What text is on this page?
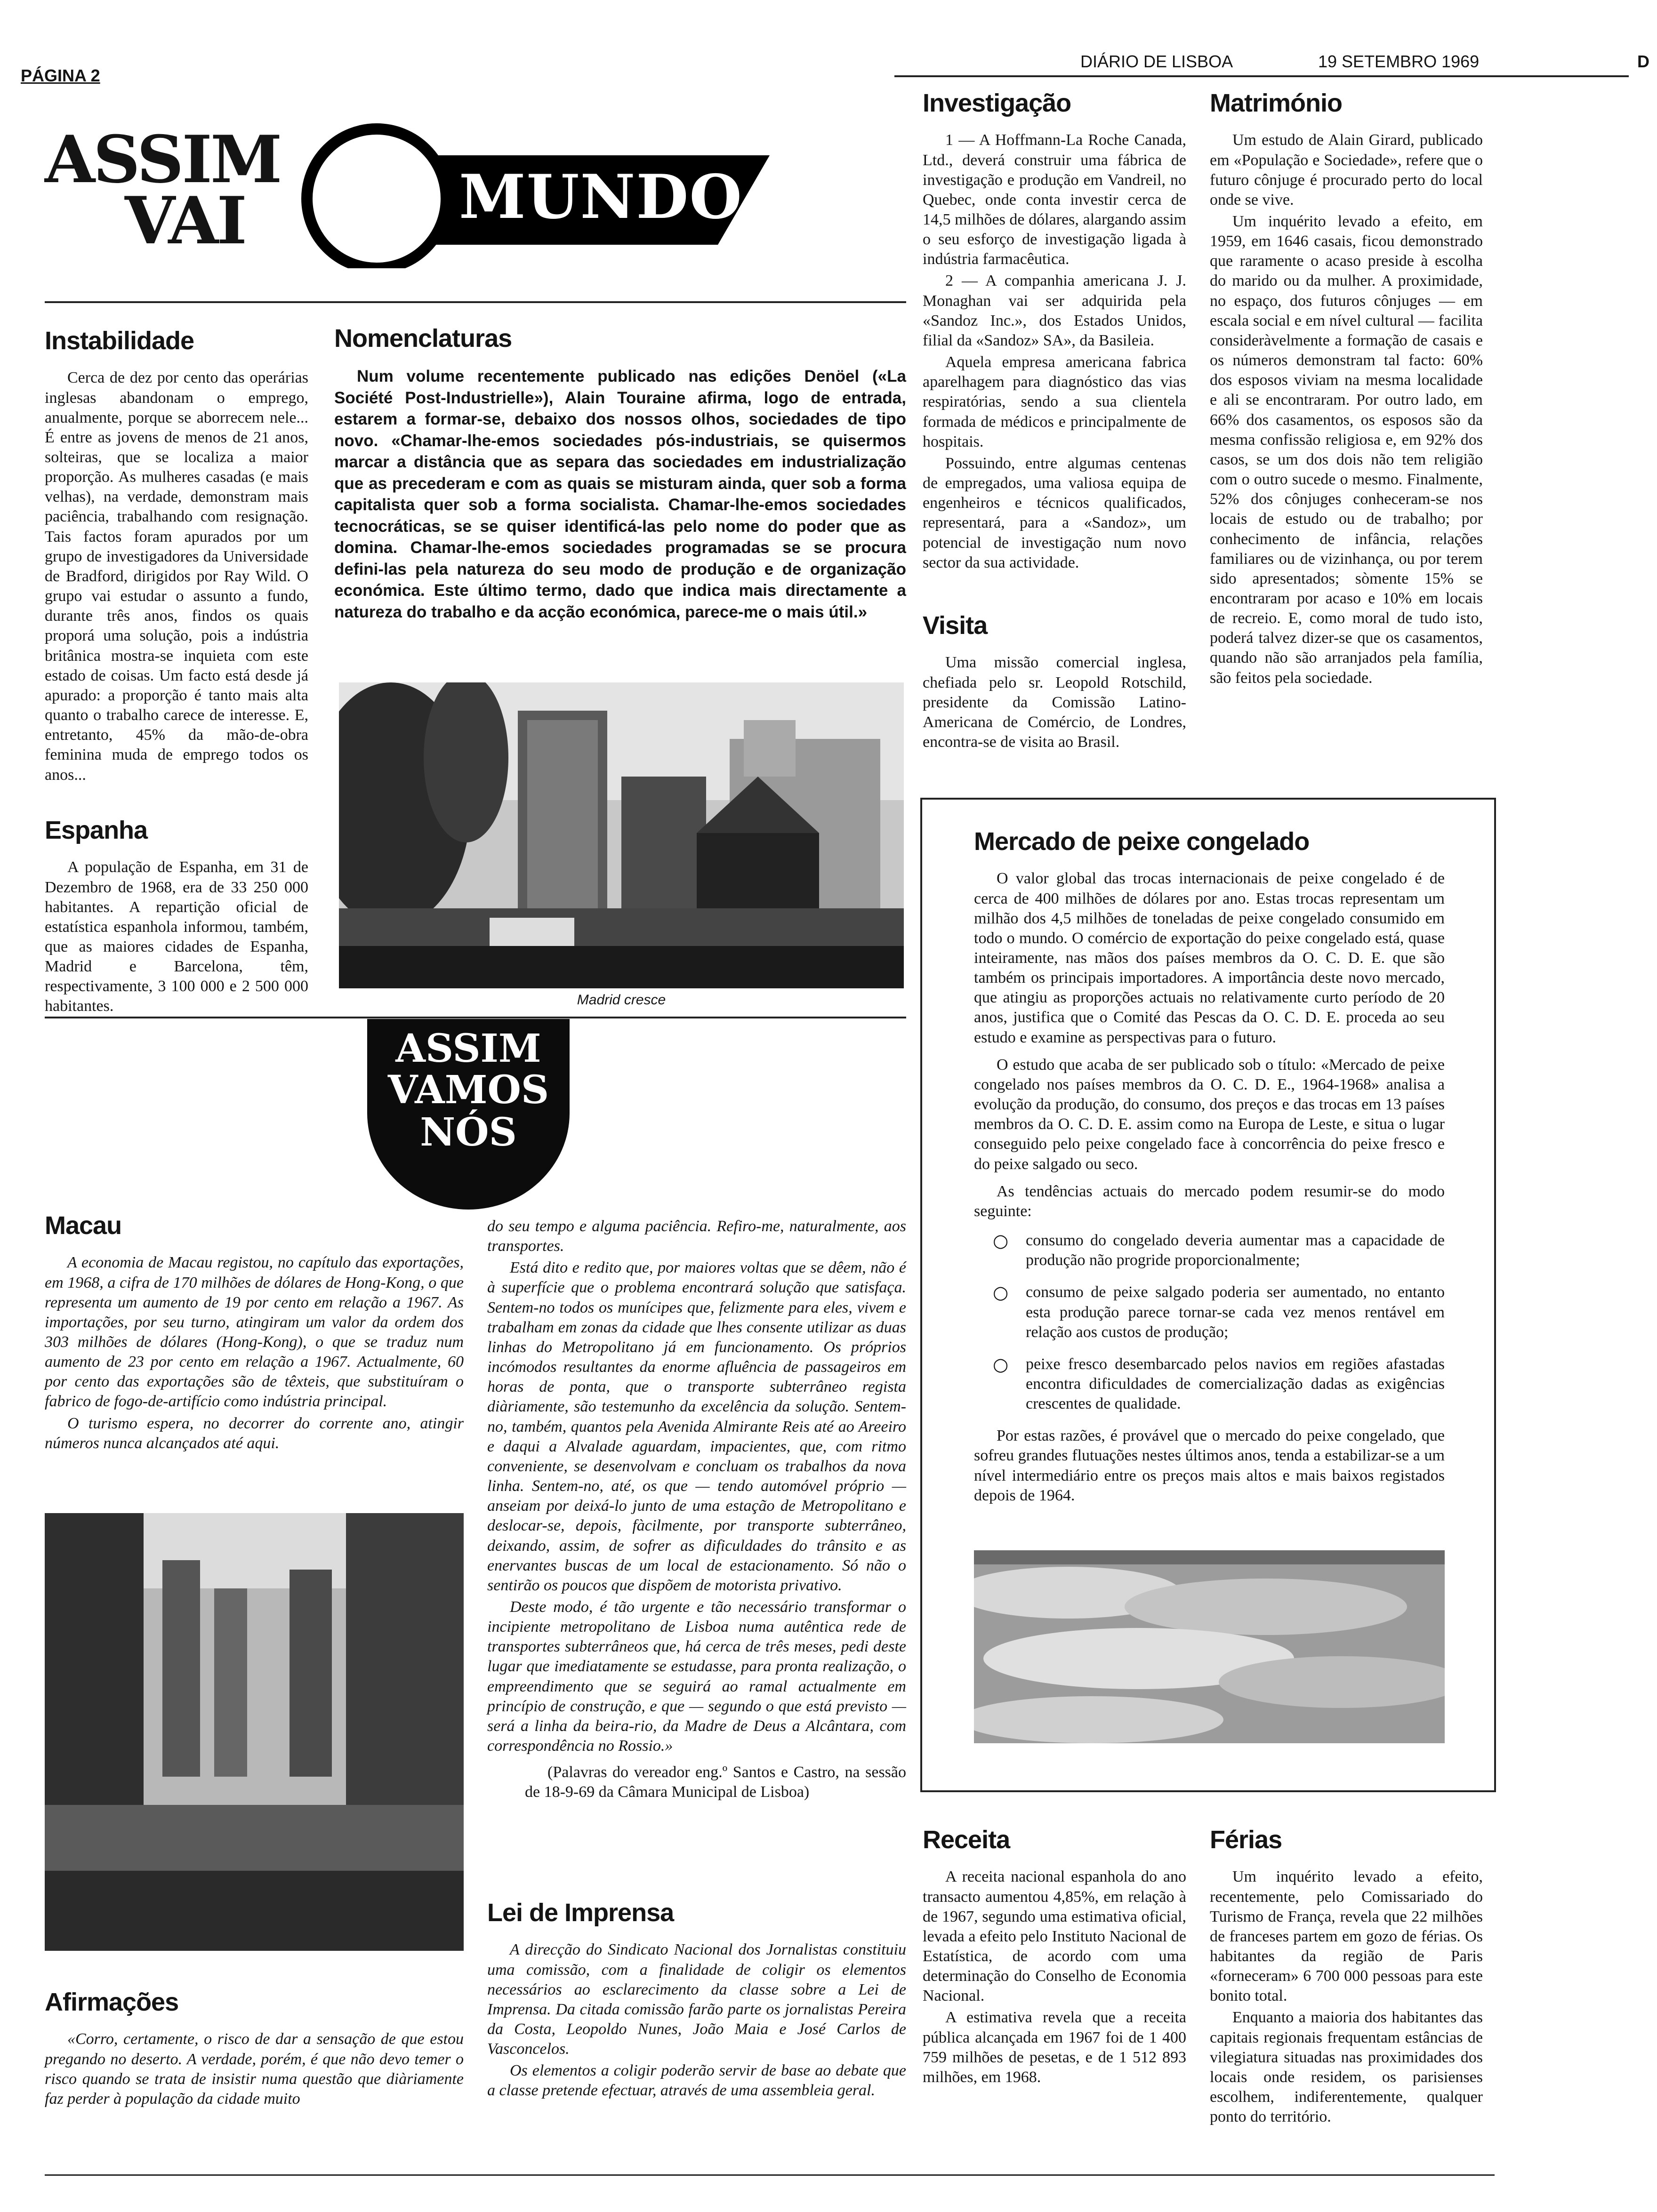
PÁGINA 2
DIÁRIO DE LISBOA	19 SETEMBRO 1969	D
ASSIM
VAI	MUNDO
Instabilidade

Cerca de dez por cento das operárias inglesas abandonam o emprego, anualmente, porque se aborrecem nele... É entre as jovens de menos de 21 anos, solteiras, que se localiza a maior proporção. As mulheres casadas (e mais velhas), na verdade, demonstram mais paciência, trabalhando com resignação. Tais factos foram apurados por um grupo de investigadores da Universidade de Bradford, dirigidos por Ray Wild. O grupo vai estudar o assunto a fundo, durante três anos, findos os quais proporá uma solução, pois a indústria britânica mostra-se inquieta com este estado de coisas. Um facto está desde já apurado: a proporção é tanto mais alta quanto o trabalho carece de interesse. E, entretanto, 45% da mão-de-obra feminina muda de emprego todos os anos...

Espanha

A população de Espanha, em 31 de Dezembro de 1968, era de 33 250 000 habitantes. A repartição oficial de estatística espanhola informou, também, que as maiores cidades de Espanha, Madrid e Barcelona, têm, respectivamente, 3 100 000 e 2 500 000 habitantes.

Nomenclaturas

Num volume recentemente publicado nas edições Denöel («La Société Post-Industrielle»), Alain Touraine afirma, logo de entrada, estarem a formar-se, debaixo dos nossos olhos, sociedades de tipo novo. «Chamar-lhe-emos sociedades pós-industriais, se quisermos marcar a distância que as separa das sociedades em industrialização que as precederam e com as quais se misturam ainda, quer sob a forma capitalista quer sob a forma socialista. Chamar-lhe-emos sociedades tecnocráticas, se se quiser identificá-las pelo nome do poder que as domina. Chamar-lhe-emos sociedades programadas se se procura defini-las pela natureza do seu modo de produção e de organização económica. Este último termo, dado que indica mais directamente a natureza do trabalho e da acção económica, parece-me o mais útil.»

Madrid cresce
ASSIM
VAMOS
NÓS
Macau

A economia de Macau registou, no capítulo das exportações, em 1968, a cifra de 170 milhões de dólares de Hong-Kong, o que representa um aumento de 19 por cento em relação a 1967. As importações, por seu turno, atingiram um valor da ordem dos 303 milhões de dólares (Hong-Kong), o que se traduz num aumento de 23 por cento em relação a 1967. Actualmente, 60 por cento das exportações são de têxteis, que substituíram o fabrico de fogo-de-artifício como indústria principal.

O turismo espera, no decorrer do corrente ano, atingir números nunca alcançados até aqui.

Afirmações

«Corro, certamente, o risco de dar a sensação de que estou pregando no deserto. A verdade, porém, é que não devo temer o risco quando se trata de insistir numa questão que diàriamente faz perder à população da cidade muito

do seu tempo e alguma paciência. Refiro-me, naturalmente, aos transportes.

Está dito e redito que, por maiores voltas que se dêem, não é à superfície que o problema encontrará solução que satisfaça. Sentem-no todos os munícipes que, felizmente para eles, vivem e trabalham em zonas da cidade que lhes consente utilizar as duas linhas do Metropolitano já em funcionamento. Os próprios incómodos resultantes da enorme afluência de passageiros em horas de ponta, que o transporte subterrâneo regista diàriamente, são testemunho da excelência da solução. Sentem-no, também, quantos pela Avenida Almirante Reis até ao Areeiro e daqui a Alvalade aguardam, impacientes, que, com ritmo conveniente, se desenvolvam e concluam os trabalhos da nova linha. Sentem-no, até, os que — tendo automóvel próprio — anseiam por deixá-lo junto de uma estação de Metropolitano e deslocar-se, depois, fàcilmente, por transporte subterrâneo, deixando, assim, de sofrer as dificuldades do trânsito e as enervantes buscas de um local de estacionamento. Só não o sentirão os poucos que dispõem de motorista privativo.

Deste modo, é tão urgente e tão necessário transformar o incipiente metropolitano de Lisboa numa autêntica rede de transportes subterrâneos que, há cerca de três meses, pedi deste lugar que imediatamente se estudasse, para pronta realização, o empreendimento que se seguirá ao ramal actualmente em princípio de construção, e que — segundo o que está previsto — será a linha da beira-rio, da Madre de Deus a Alcântara, com correspondência no Rossio.»

(Palavras do vereador eng.º Santos e Castro, na sessão de 18-9-69 da Câmara Municipal de Lisboa)

Lei de Imprensa

A direcção do Sindicato Nacional dos Jornalistas constituiu uma comissão, com a finalidade de coligir os elementos necessários ao esclarecimento da classe sobre a Lei de Imprensa. Da citada comissão farão parte os jornalistas Pereira da Costa, Leopoldo Nunes, João Maia e José Carlos de Vasconcelos.

Os elementos a coligir poderão servir de base ao debate que a classe pretende efectuar, através de uma assembleia geral.

Investigação

1 — A Hoffmann-La Roche Canada, Ltd., deverá construir uma fábrica de investigação e produção em Vandreil, no Quebec, onde conta investir cerca de 14,5 milhões de dólares, alargando assim o seu esforço de investigação ligada à indústria farmacêutica.

2 — A companhia americana J. J. Monaghan vai ser adquirida pela «Sandoz Inc.», dos Estados Unidos, filial da «Sandoz» SA», da Basileia.

Aquela empresa americana fabrica aparelhagem para diagnóstico das vias respiratórias, sendo a sua clientela formada de médicos e principalmente de hospitais.

Possuindo, entre algumas centenas de empregados, uma valiosa equipa de engenheiros e técnicos qualificados, representará, para a «Sandoz», um potencial de investigação num novo sector da sua actividade.

Visita

Uma missão comercial inglesa, chefiada pelo sr. Leopold Rotschild, presidente da Comissão Latino-Americana de Comércio, de Londres, encontra-se de visita ao Brasil.

Matrimónio

Um estudo de Alain Girard, publicado em «População e Sociedade», refere que o futuro cônjuge é procurado perto do local onde se vive.

Um inquérito levado a efeito, em 1959, em 1646 casais, ficou demonstrado que raramente o acaso preside à escolha do marido ou da mulher. A proximidade, no espaço, dos futuros cônjuges — em escala social e em nível cultural — facilita consideràvelmente a formação de casais e os números demonstram tal facto: 60% dos esposos viviam na mesma localidade e ali se encontraram. Por outro lado, em 66% dos casamentos, os esposos são da mesma confissão religiosa e, em 92% dos casos, se um dos dois não tem religião com o outro sucede o mesmo. Finalmente, 52% dos cônjuges conheceram-se nos locais de estudo ou de trabalho; por conhecimento de infância, relações familiares ou de vizinhança, ou por terem sido apresentados; sòmente 15% se encontraram por acaso e 10% em locais de recreio. E, como moral de tudo isto, poderá talvez dizer-se que os casamentos, quando não são arranjados pela família, são feitos pela sociedade.

Mercado de peixe congelado

O valor global das trocas internacionais de peixe congelado é de cerca de 400 milhões de dólares por ano. Estas trocas representam um milhão dos 4,5 milhões de toneladas de peixe congelado consumido em todo o mundo. O comércio de exportação do peixe congelado está, quase inteiramente, nas mãos dos países membros da O. C. D. E. que são também os principais importadores. A importância deste novo mercado, que atingiu as proporções actuais no relativamente curto período de 20 anos, justifica que o Comité das Pescas da O. C. D. E. proceda ao seu estudo e examine as perspectivas para o futuro.

O estudo que acaba de ser publicado sob o título: «Mercado de peixe congelado nos países membros da O. C. D. E., 1964-1968» analisa a evolução da produção, do consumo, dos preços e das trocas em 13 países membros da O. C. D. E. assim como na Europa de Leste, e situa o lugar conseguido pelo peixe congelado face à concorrência do peixe fresco e do peixe salgado ou seco.

As tendências actuais do mercado podem resumir-se do modo seguinte:

○ consumo do congelado deveria aumentar mas a capacidade de produção não progride proporcionalmente;
○ consumo de peixe salgado poderia ser aumentado, no entanto esta produção parece tornar-se cada vez menos rentável em relação aos custos de produção;
○ peixe fresco desembarcado pelos navios em regiões afastadas encontra dificuldades de comercialização dadas as exigências crescentes de qualidade.

Por estas razões, é provável que o mercado do peixe congelado, que sofreu grandes flutuações nestes últimos anos, tenda a estabilizar-se a um nível intermediário entre os preços mais altos e mais baixos registados depois de 1964.

Receita

A receita nacional espanhola do ano transacto aumentou 4,85%, em relação à de 1967, segundo uma estimativa oficial, levada a efeito pelo Instituto Nacional de Estatística, de acordo com uma determinação do Conselho de Economia Nacional.

A estimativa revela que a receita pública alcançada em 1967 foi de 1 400 759 milhões de pesetas, e de 1 512 893 milhões, em 1968.

Férias

Um inquérito levado a efeito, recentemente, pelo Comissariado do Turismo de França, revela que 22 milhões de franceses partem em gozo de férias. Os habitantes da região de Paris «forneceram» 6 700 000 pessoas para este bonito total.

Enquanto a maioria dos habitantes das capitais regionais frequentam estâncias de vilegiatura situadas nas proximidades dos locais onde residem, os parisienses escolhem, indiferentemente, qualquer ponto do território.
